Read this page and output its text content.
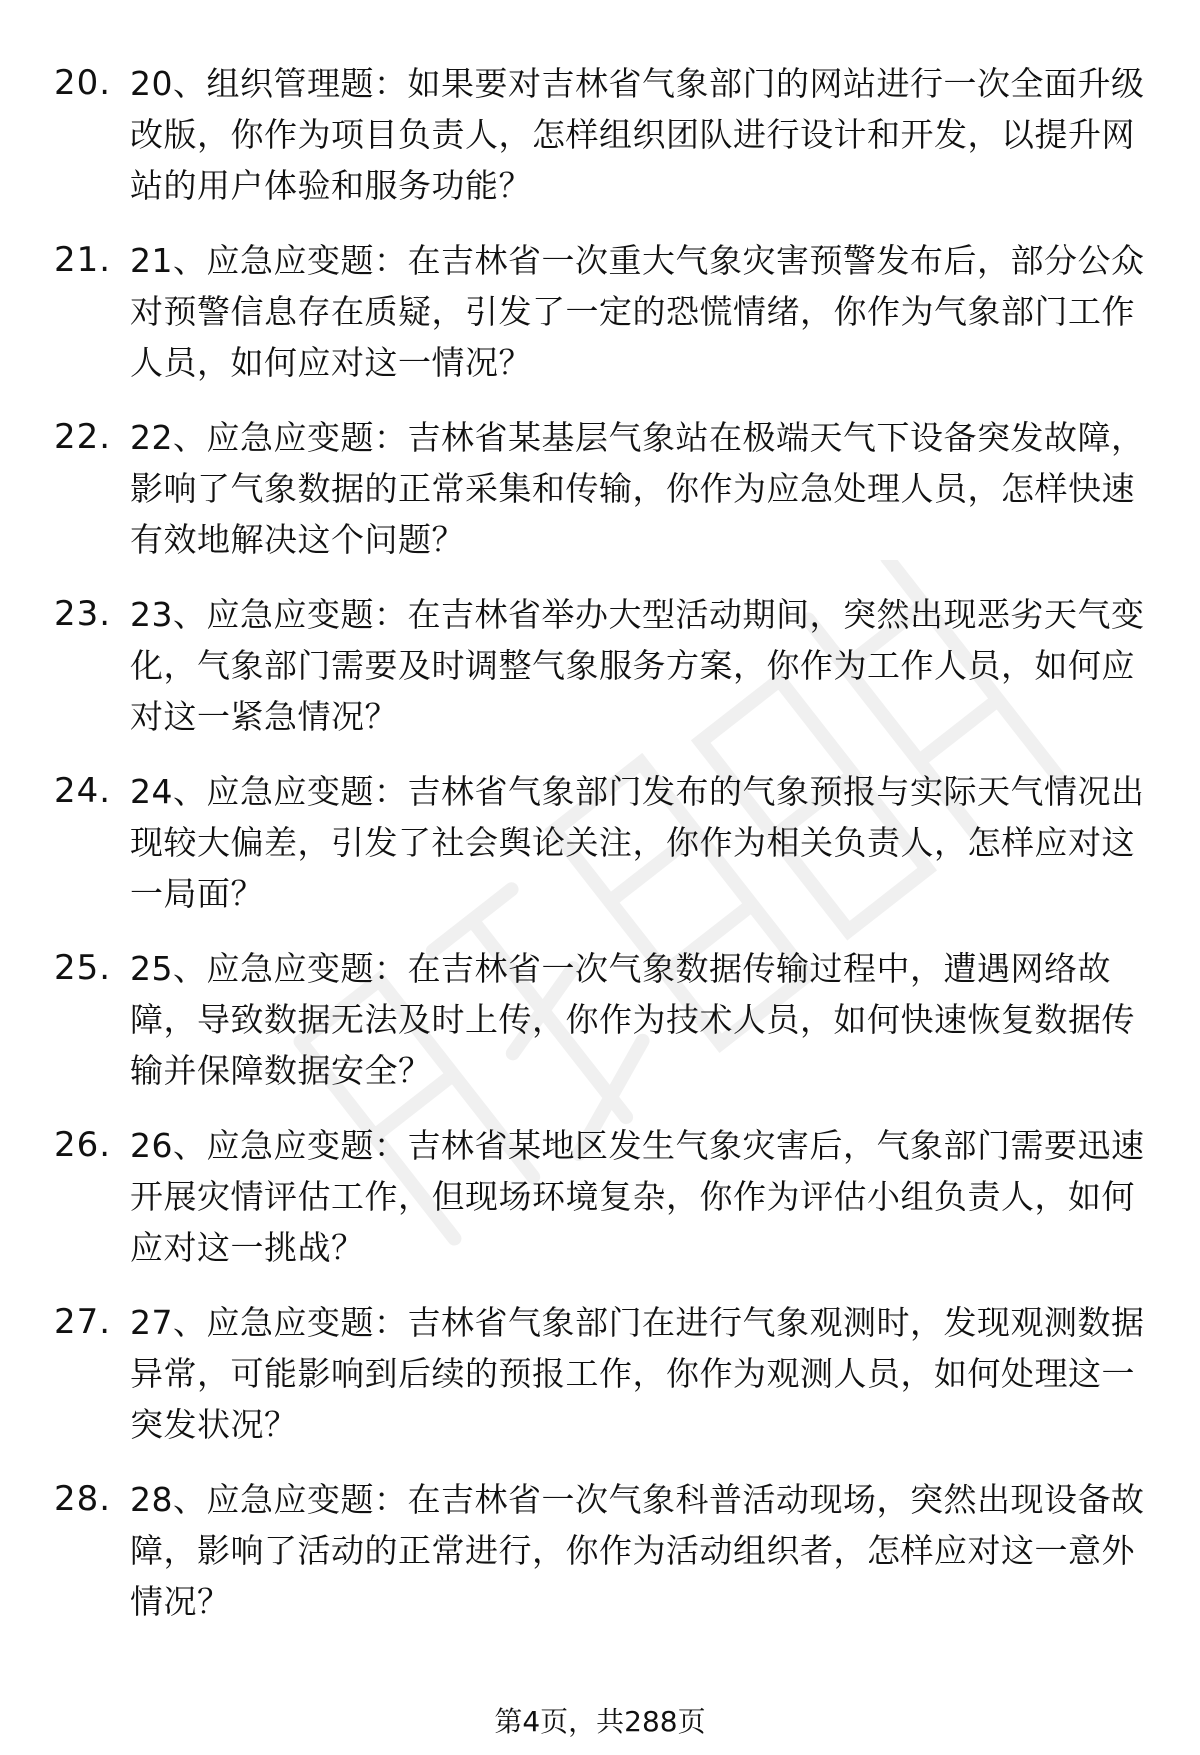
20. 20、组织管理题：如果要对吉林省气象部门的网站进行一次全面升级改版，你作为项目负责人，怎样组织团队进行设计和开发，以提升网站的用户体验和服务功能？
21. 21、应急应变题：在吉林省一次重大气象灾害预警发布后，部分公众对预警信息存在质疑，引发了一定的恐慌情绪，你作为气象部门工作人员，如何应对这一情况？
22. 22、应急应变题：吉林省某基层气象站在极端天气下设备突发故障，影响了气象数据的正常采集和传输，你作为应急处理人员，怎样快速有效地解决这个问题？
23. 23、应急应变题：在吉林省举办大型活动期间，突然出现恶劣天气变化，气象部门需要及时调整气象服务方案，你作为工作人员，如何应对这一紧急情况？
24. 24、应急应变题：吉林省气象部门发布的气象预报与实际天气情况出现较大偏差，引发了社会舆论关注，你作为相关负责人，怎样应对这一局面？
25. 25、应急应变题：在吉林省一次气象数据传输过程中，遭遇网络故障，导致数据无法及时上传，你作为技术人员，如何快速恢复数据传输并保障数据安全？
26. 26、应急应变题：吉林省某地区发生气象灾害后，气象部门需要迅速开展灾情评估工作，但现场环境复杂，你作为评估小组负责人，如何应对这一挑战？
27. 27、应急应变题：吉林省气象部门在进行气象观测时，发现观测数据异常，可能影响到后续的预报工作，你作为观测人员，如何处理这一突发状况？
28. 28、应急应变题：在吉林省一次气象科普活动现场，突然出现设备故障，影响了活动的正常进行，你作为活动组织者，怎样应对这一意外情况？
第4页，共288页
